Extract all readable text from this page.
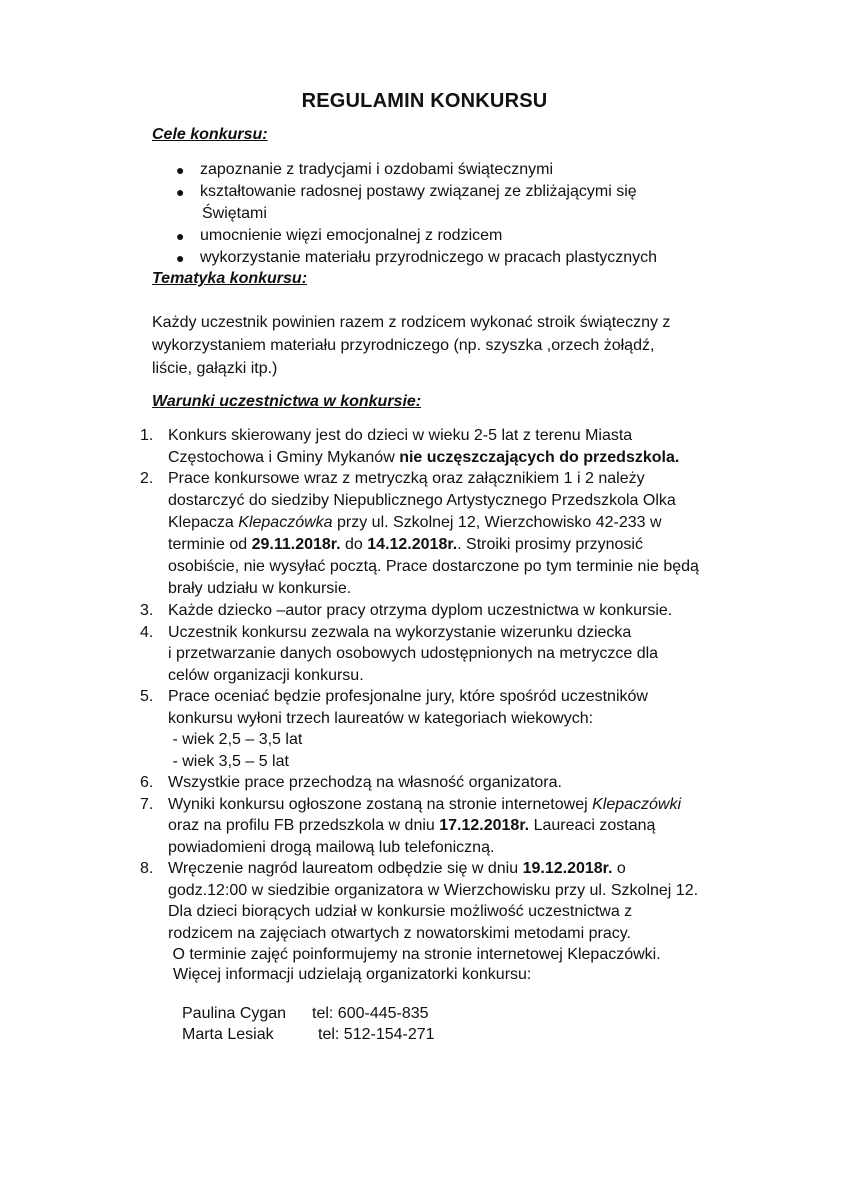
REGULAMIN KONKURSU
Cele konkursu:
● zapoznanie z tradycjami i ozdobami świątecznymi
● kształtowanie radosnej postawy związanej ze zbliżającymi się
Świętami
● umocnienie więzi emocjonalnej z rodzicem
● wykorzystanie materiału przyrodniczego w pracach plastycznych
Tematyka konkursu:
Każdy uczestnik powinien razem z rodzicem wykonać stroik świąteczny z
wykorzystaniem materiału przyrodniczego (np. szyszka ,orzech żołądź,
liście, gałązki itp.)
Warunki uczestnictwa w konkursie:
1. Konkurs skierowany jest do dzieci w wieku 2-5 lat z terenu Miasta
Częstochowa i Gminy Mykanów nie uczęszczających do przedszkola.
2. Prace konkursowe wraz z metryczką oraz załącznikiem 1 i 2 należy
dostarczyć do siedziby Niepublicznego Artystycznego Przedszkola Olka
Klepacza Klepaczówka przy ul. Szkolnej 12, Wierzchowisko 42-233 w
terminie od 29.11.2018r. do 14.12.2018r.. Stroiki prosimy przynosić
osobiście, nie wysyłać pocztą. Prace dostarczone po tym terminie nie będą
brały udziału w konkursie.
3. Każde dziecko –autor pracy otrzyma dyplom uczestnictwa w konkursie.
4. Uczestnik konkursu zezwala na wykorzystanie wizerunku dziecka
i przetwarzanie danych osobowych udostępnionych na metryczce dla
celów organizacji konkursu.
5. Prace oceniać będzie profesjonalne jury, które spośród uczestników
konkursu wyłoni trzech laureatów w kategoriach wiekowych:
- wiek 2,5 – 3,5 lat
- wiek 3,5 – 5 lat
6. Wszystkie prace przechodzą na własność organizatora.
7. Wyniki konkursu ogłoszone zostaną na stronie internetowej Klepaczówki
oraz na profilu FB przedszkola w dniu 17.12.2018r. Laureaci zostaną
powiadomieni drogą mailową lub telefoniczną.
8. Wręczenie nagród laureatom odbędzie się w dniu 19.12.2018r. o
godz.12:00 w siedzibie organizatora w Wierzchowisku przy ul. Szkolnej 12.
Dla dzieci biorących udział w konkursie możliwość uczestnictwa z
rodzicem na zajęciach otwartych z nowatorskimi metodami pracy.
O terminie zajęć poinformujemy na stronie internetowej Klepaczówki.
Więcej informacji udzielają organizatorki konkursu:
Paulina Cygan tel: 600-445-835
Marta Lesiak	tel: 512-154-271
